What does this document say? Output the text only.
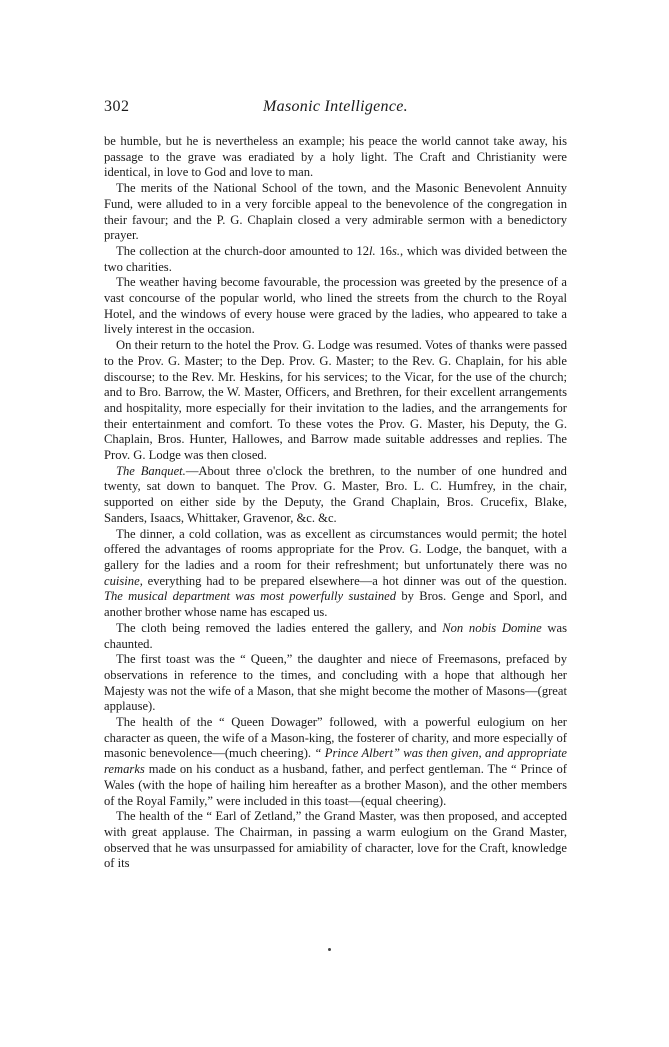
302	Masonic Intelligence.

be humble, but he is nevertheless an example; his peace the world cannot take away, his passage to the grave was eradiated by a holy light. The Craft and Christianity were identical, in love to God and love to man.

The merits of the National School of the town, and the Masonic Benevolent Annuity Fund, were alluded to in a very forcible appeal to the benevolence of the congregation in their favour; and the P. G. Chaplain closed a very admirable sermon with a benedictory prayer.

The collection at the church-door amounted to 12l. 16s., which was divided between the two charities.

The weather having become favourable, the procession was greeted by the presence of a vast concourse of the popular world, who lined the streets from the church to the Royal Hotel, and the windows of every house were graced by the ladies, who appeared to take a lively interest in the occasion.

On their return to the hotel the Prov. G. Lodge was resumed. Votes of thanks were passed to the Prov. G. Master; to the Dep. Prov. G. Master; to the Rev. G. Chaplain, for his able discourse; to the Rev. Mr. Heskins, for his services; to the Vicar, for the use of the church; and to Bro. Barrow, the W. Master, Officers, and Brethren, for their excellent arrangements and hospitality, more especially for their invitation to the ladies, and the arrangements for their entertainment and comfort. To these votes the Prov. G. Master, his Deputy, the G. Chaplain, Bros. Hunter, Hallowes, and Barrow made suitable addresses and replies. The Prov. G. Lodge was then closed.

The Banquet.—About three o'clock the brethren, to the number of one hundred and twenty, sat down to banquet. The Prov. G. Master, Bro. L. C. Humfrey, in the chair, supported on either side by the Deputy, the Grand Chaplain, Bros. Crucefix, Blake, Sanders, Isaacs, Whittaker, Gravenor, &c. &c.

The dinner, a cold collation, was as excellent as circumstances would permit; the hotel offered the advantages of rooms appropriate for the Prov. G. Lodge, the banquet, with a gallery for the ladies and a room for their refreshment; but unfortunately there was no cuisine, everything had to be prepared elsewhere—a hot dinner was out of the question. The musical department was most powerfully sustained by Bros. Genge and Sporl, and another brother whose name has escaped us.

The cloth being removed the ladies entered the gallery, and Non nobis Domine was chaunted.

The first toast was the “ Queen,” the daughter and niece of Freemasons, prefaced by observations in reference to the times, and concluding with a hope that although her Majesty was not the wife of a Mason, that she might become the mother of Masons—(great applause).

The health of the “ Queen Dowager” followed, with a powerful eulogium on her character as queen, the wife of a Mason-king, the fosterer of charity, and more especially of masonic benevolence—(much cheering). “ Prince Albert” was then given, and appropriate remarks made on his conduct as a husband, father, and perfect gentleman. The “ Prince of Wales (with the hope of hailing him hereafter as a brother Mason), and the other members of the Royal Family,” were included in this toast—(equal cheering).

The health of the “ Earl of Zetland,” the Grand Master, was then proposed, and accepted with great applause. The Chairman, in passing a warm eulogium on the Grand Master, observed that he was unsurpassed for amiability of character, love for the Craft, knowledge of its
